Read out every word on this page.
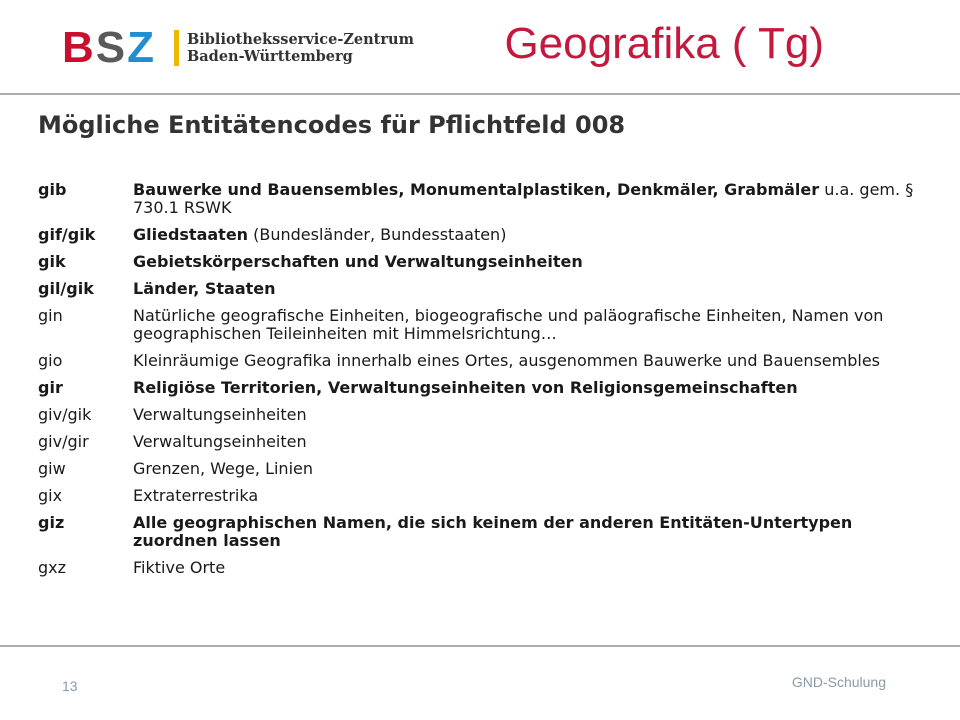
B S Z Bibliotheksservice-Zentrum
Baden-Württemberg	Geografika ( Tg)
Mögliche Entitätencodes für Pflichtfeld 008
gib	Bauwerke und Bauensembles, Monumentalplastiken, Denkmäler, Grabmäler u.a. gem. § 730.1 RSWK
gif/gik	Gliedstaaten (Bundesländer, Bundesstaaten)
gik	Gebietskörperschaften und Verwaltungseinheiten
gil/gik	Länder, Staaten
gin	Natürliche geografische Einheiten, biogeografische und paläografische Einheiten, Namen von geographischen Teileinheiten mit Himmelsrichtung…
gio	Kleinräumige Geografika innerhalb eines Ortes, ausgenommen Bauwerke und Bauensembles
gir	Religiöse Territorien, Verwaltungseinheiten von Religionsgemeinschaften
giv/gik	Verwaltungseinheiten
giv/gir	Verwaltungseinheiten
giw	Grenzen, Wege, Linien
gix	Extraterrestrika
giz	Alle geographischen Namen, die sich keinem der anderen Entitäten-Untertypen zuordnen lassen
gxz	Fiktive Orte
13	GND-Schulung
